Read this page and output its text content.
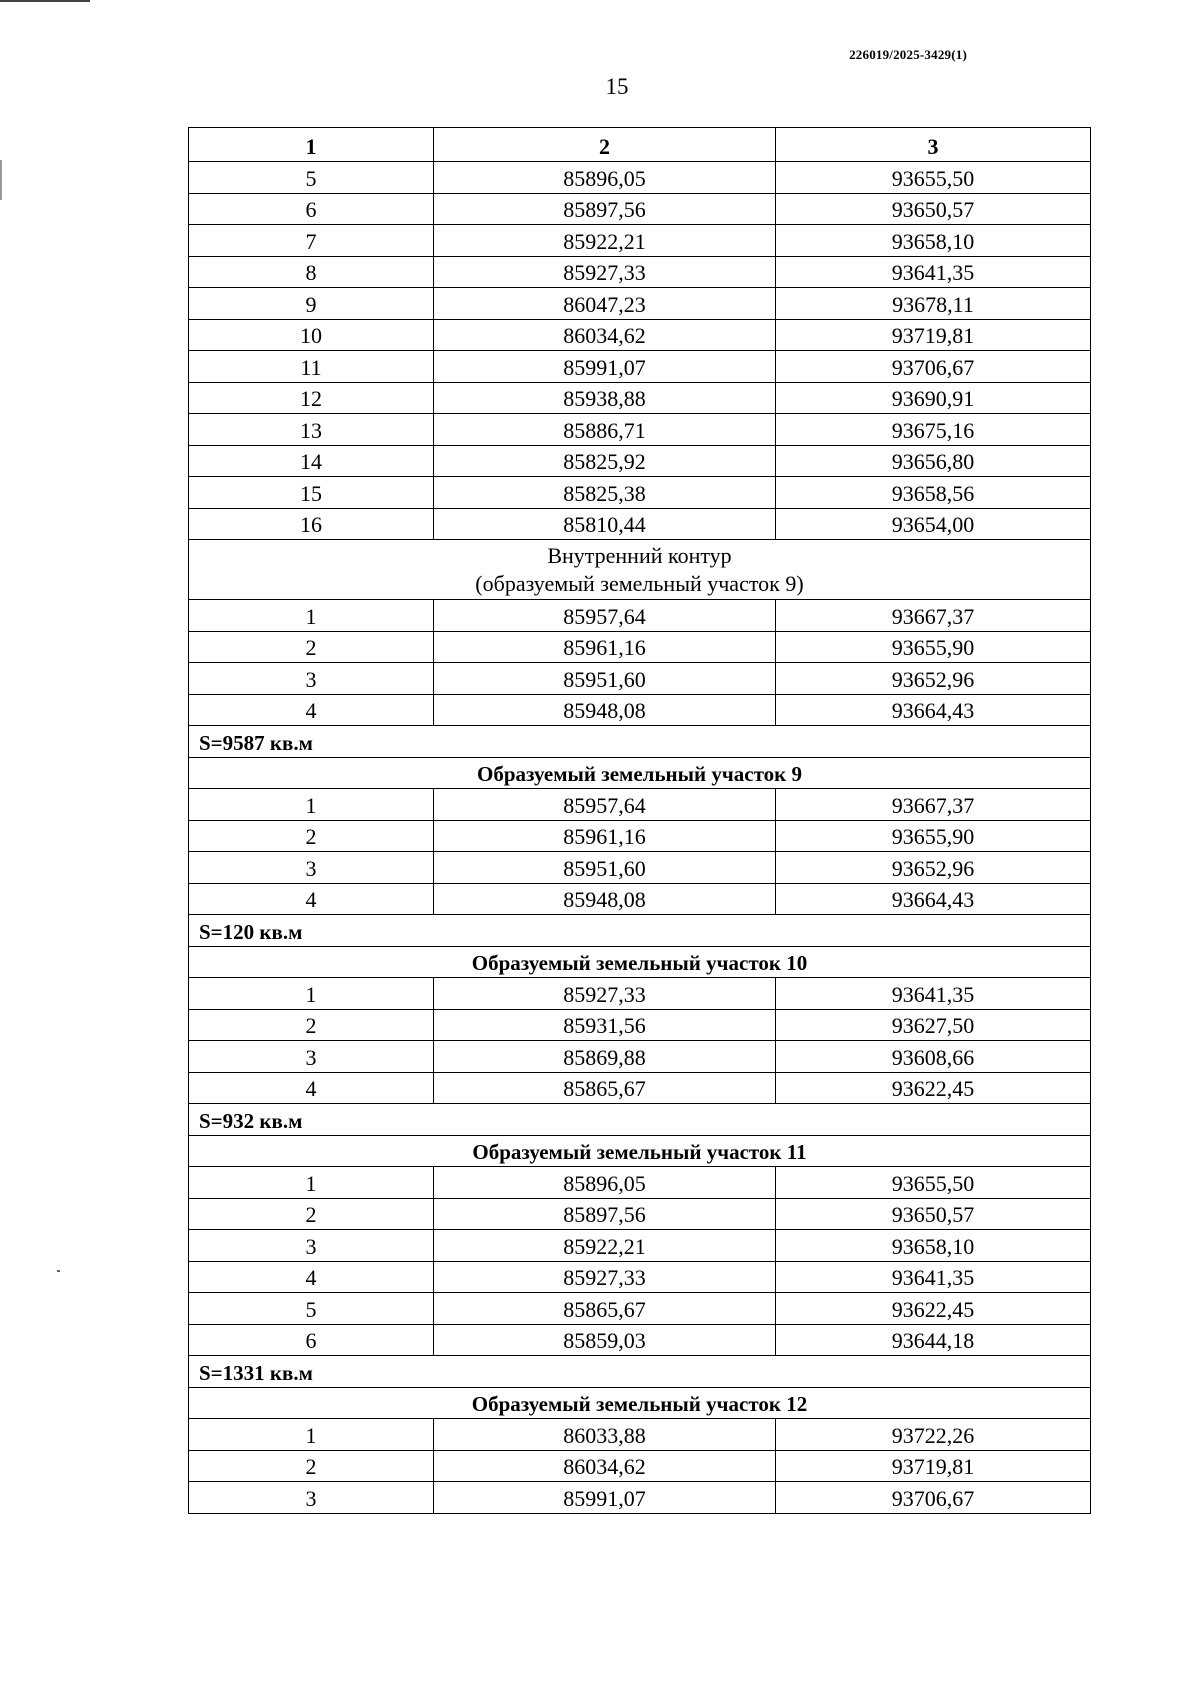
226019/2025-3429(1)
15
1	2	3
5	85896,05	93655,50
6	85897,56	93650,57
7	85922,21	93658,10
8	85927,33	93641,35
9	86047,23	93678,11
10	86034,62	93719,81
11	85991,07	93706,67
12	85938,88	93690,91
13	85886,71	93675,16
14	85825,92	93656,80
15	85825,38	93658,56
16	85810,44	93654,00

Внутренний контур
(образуемый земельный участок 9)		

1	85957,64	93667,37
2	85961,16	93655,90
3	85951,60	93652,96
4	85948,08	93664,43
S=9587 кв.м		
Образуемый земельный участок 9		
1	85957,64	93667,37
2	85961,16	93655,90
3	85951,60	93652,96
4	85948,08	93664,43
S=120 кв.м		
Образуемый земельный участок 10		
1	85927,33	93641,35
2	85931,56	93627,50
3	85869,88	93608,66
4	85865,67	93622,45
S=932 кв.м		
Образуемый земельный участок 11		
1	85896,05	93655,50
2	85897,56	93650,57
3	85922,21	93658,10
4	85927,33	93641,35
5	85865,67	93622,45
6	85859,03	93644,18
S=1331 кв.м		
Образуемый земельный участок 12		
1	86033,88	93722,26
2	86034,62	93719,81
3	85991,07	93706,67
